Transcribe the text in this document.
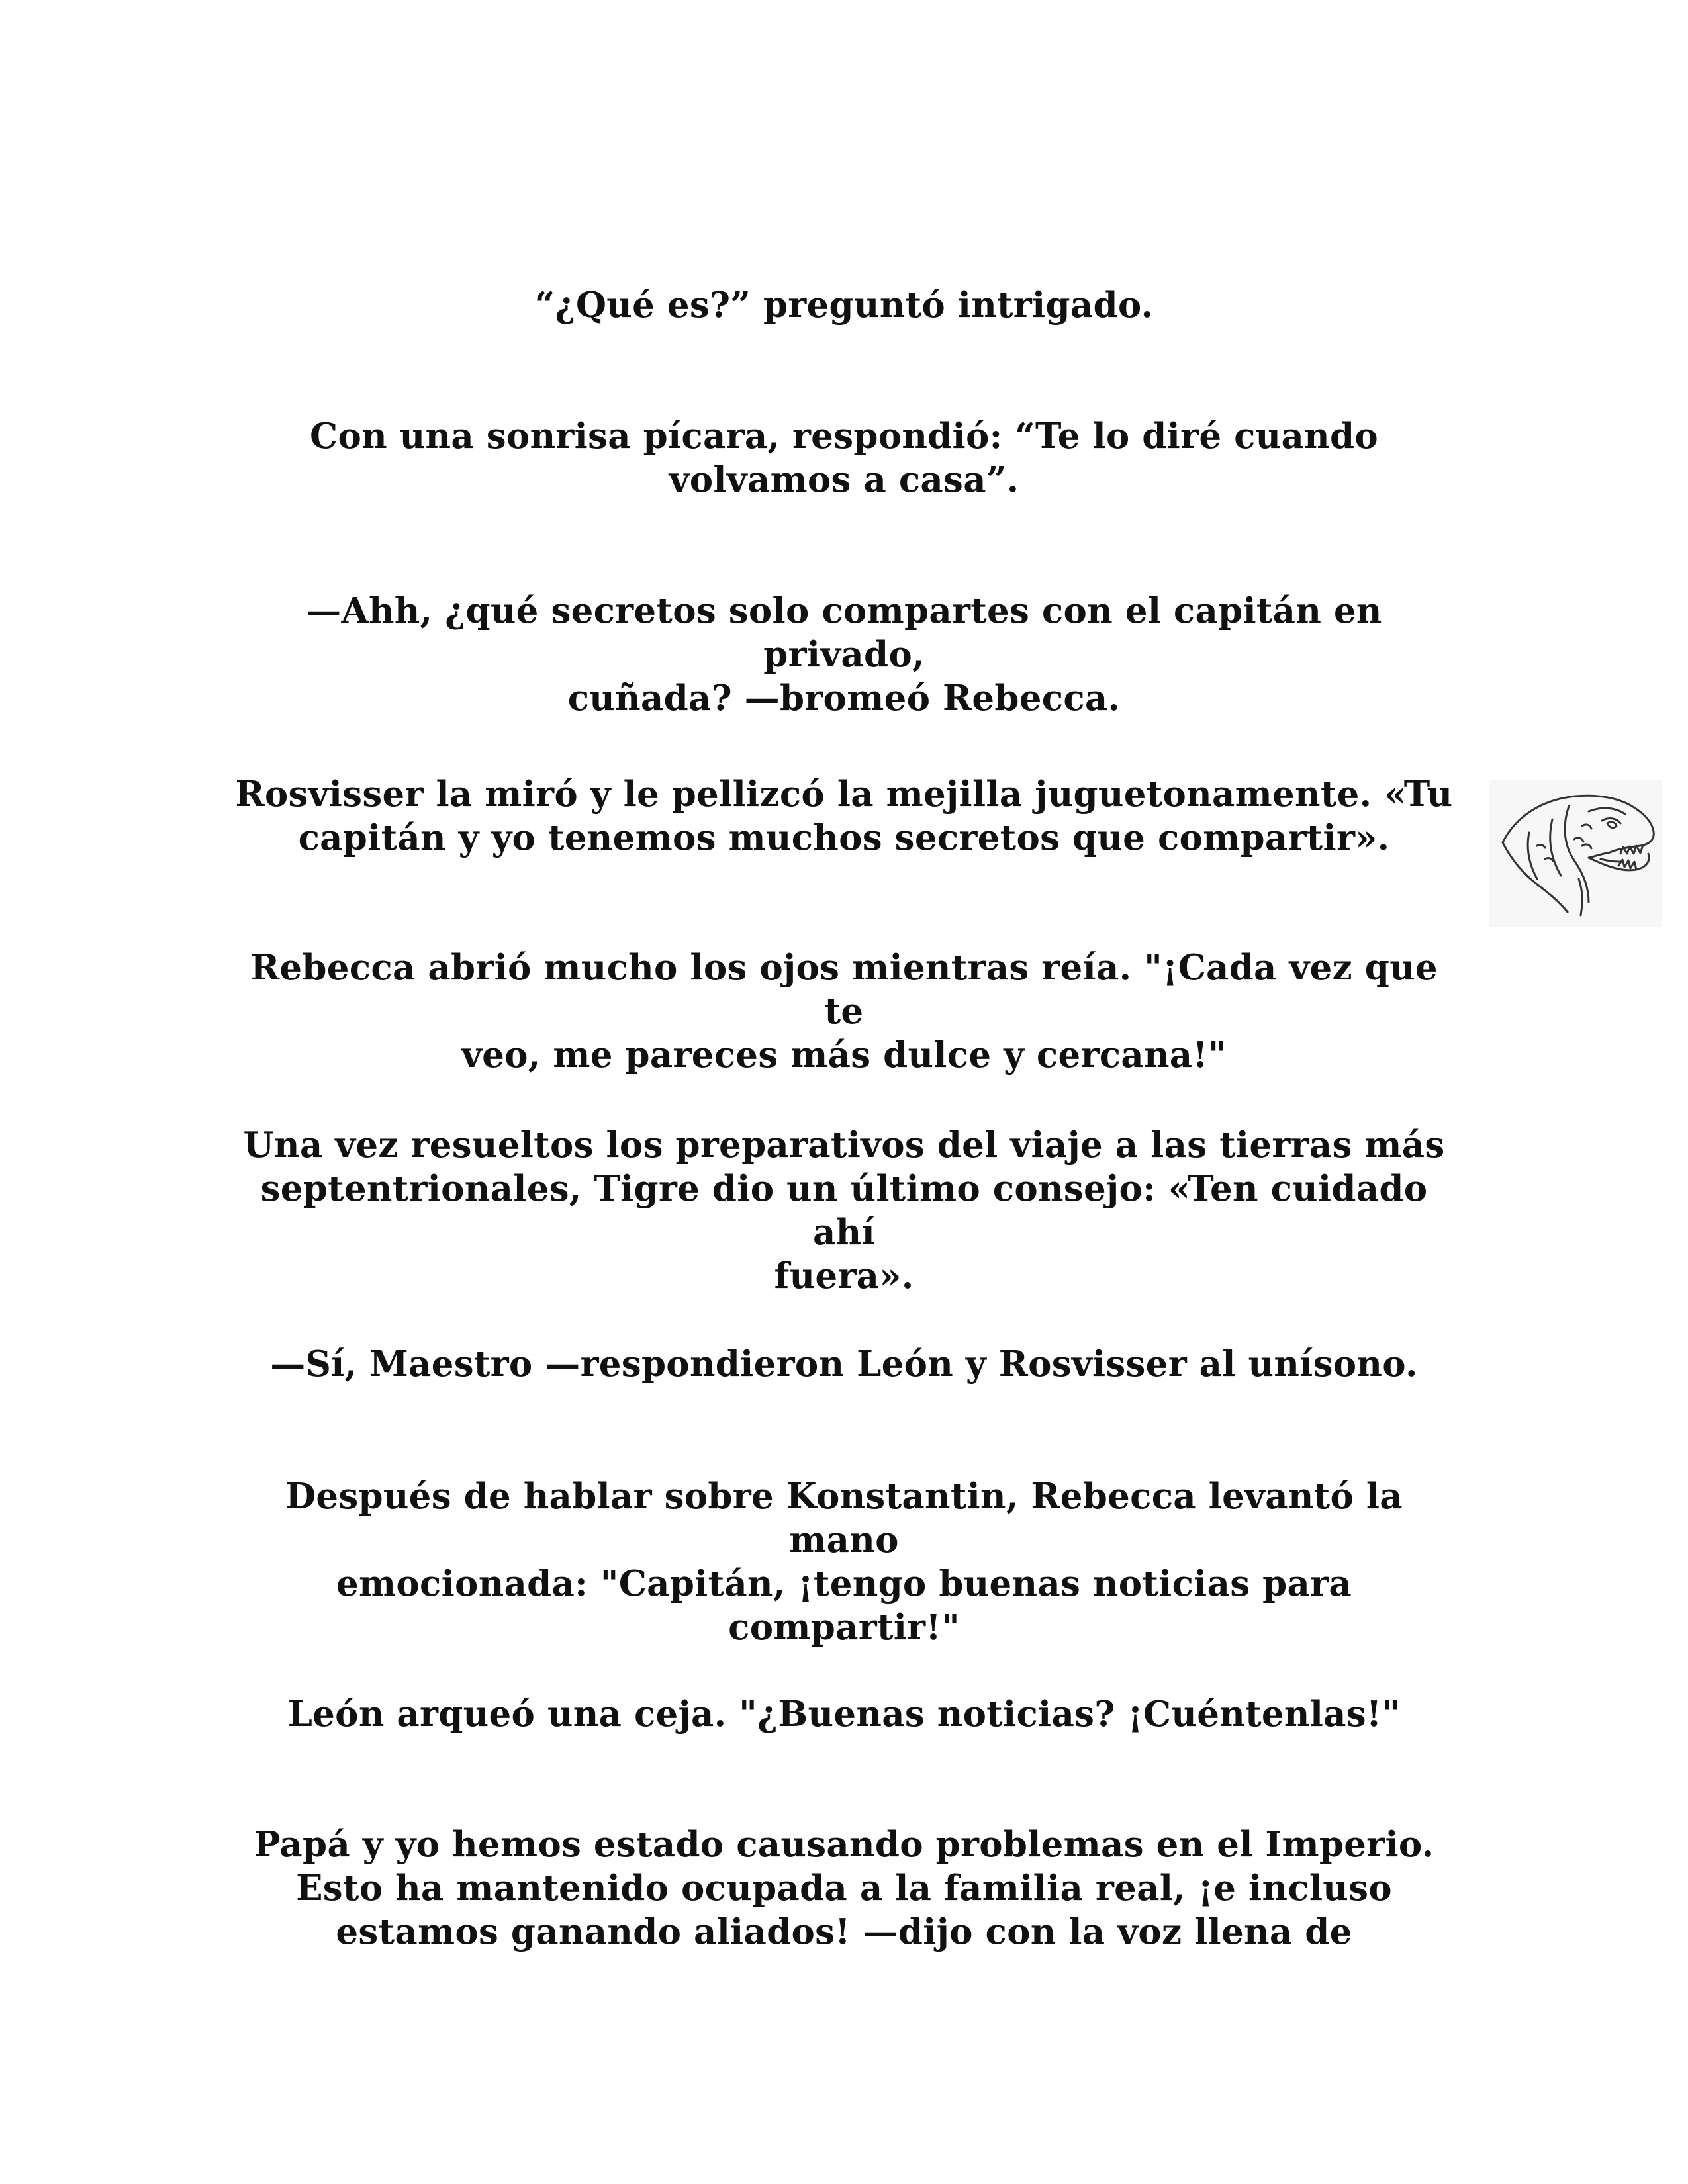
“¿Qué es?” preguntó intrigado.

Con una sonrisa pícara, respondió: “Te lo diré cuando
volvamos a casa”.

—Ahh, ¿qué secretos solo compartes con el capitán en privado,
cuñada? —bromeó Rebecca.

Rosvisser la miró y le pellizcó la mejilla juguetonamente. «Tu
capitán y yo tenemos muchos secretos que compartir».

Rebecca abrió mucho los ojos mientras reía. "¡Cada vez que te
veo, me pareces más dulce y cercana!"

Una vez resueltos los preparativos del viaje a las tierras más
septentrionales, Tigre dio un último consejo: «Ten cuidado ahí
fuera».

—Sí, Maestro —respondieron León y Rosvisser al unísono.

Después de hablar sobre Konstantin, Rebecca levantó la mano
emocionada: "Capitán, ¡tengo buenas noticias para
compartir!"

León arqueó una ceja. "¿Buenas noticias? ¡Cuéntenlas!"

Papá y yo hemos estado causando problemas en el Imperio.
Esto ha mantenido ocupada a la familia real, ¡e incluso
estamos ganando aliados! —dijo con la voz llena de
